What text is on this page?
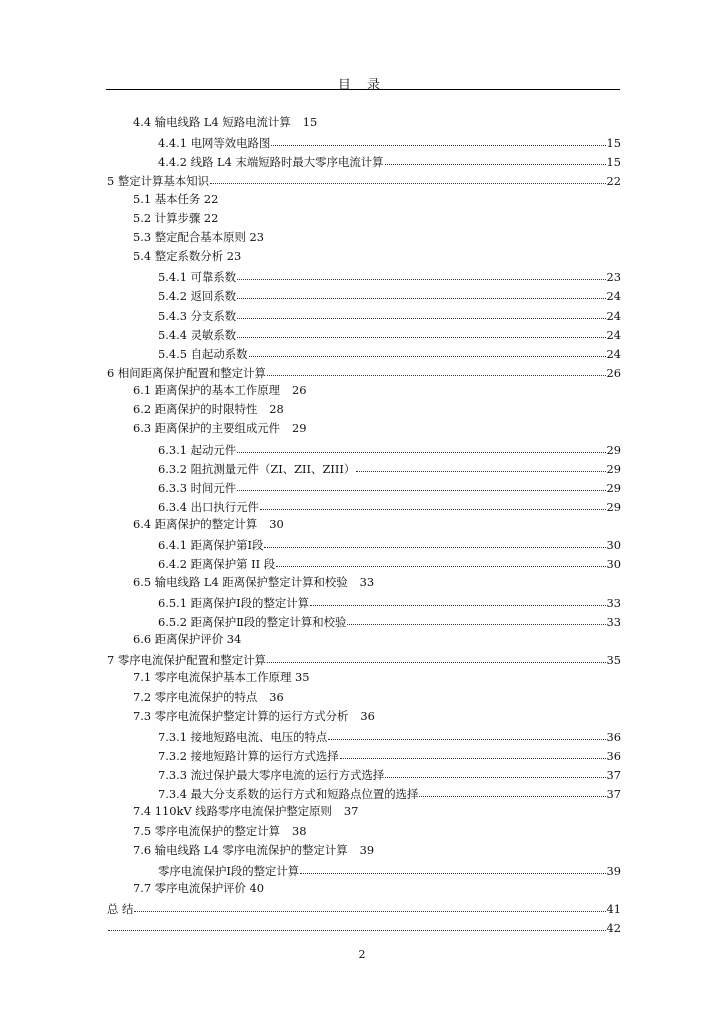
目 录
4.4 输电线路 L4 短路电流计算 15
4.4.1 电网等效电路图	15
4.4.2 线路 L4 末端短路时最大零序电流计算	15
5 整定计算基本知识	22
5.1 基本任务 22
5.2 计算步骤 22
5.3 整定配合基本原则 23
5.4 整定系数分析 23
5.4.1 可靠系数	23
5.4.2 返回系数	24
5.4.3 分支系数	24
5.4.4 灵敏系数	24
5.4.5 自起动系数	24
6 相间距离保护配置和整定计算	26
6.1 距离保护的基本工作原理 26
6.2 距离保护的时限特性 28
6.3 距离保护的主要组成元件 29
6.3.1 起动元件	29
6.3.2 阻抗测量元件（ZI、ZII、ZIII）	29
6.3.3 时间元件	29
6.3.4 出口执行元件	29
6.4 距离保护的整定计算 30
6.4.1 距离保护第Ⅰ段	30
6.4.2 距离保护第 II 段	30
6.5 输电线路 L4 距离保护整定计算和校验 33
6.5.1 距离保护Ⅰ段的整定计算	33
6.5.2 距离保护Ⅱ段的整定计算和校验	33
6.6 距离保护评价 34
7 零序电流保护配置和整定计算	35
7.1 零序电流保护基本工作原理 35
7.2 零序电流保护的特点 36
7.3 零序电流保护整定计算的运行方式分析 36
7.3.1 接地短路电流、电压的特点	36
7.3.2 接地短路计算的运行方式选择	36
7.3.3 流过保护最大零序电流的运行方式选择	37
7.3.4 最大分支系数的运行方式和短路点位置的选择	37
7.4 110kV 线路零序电流保护整定原则 37
7.5 零序电流保护的整定计算 38
7.6 输电线路 L4 零序电流保护的整定计算 39
零序电流保护Ⅰ段的整定计算	39
7.7 零序电流保护评价 40
总 结	41
42
2
